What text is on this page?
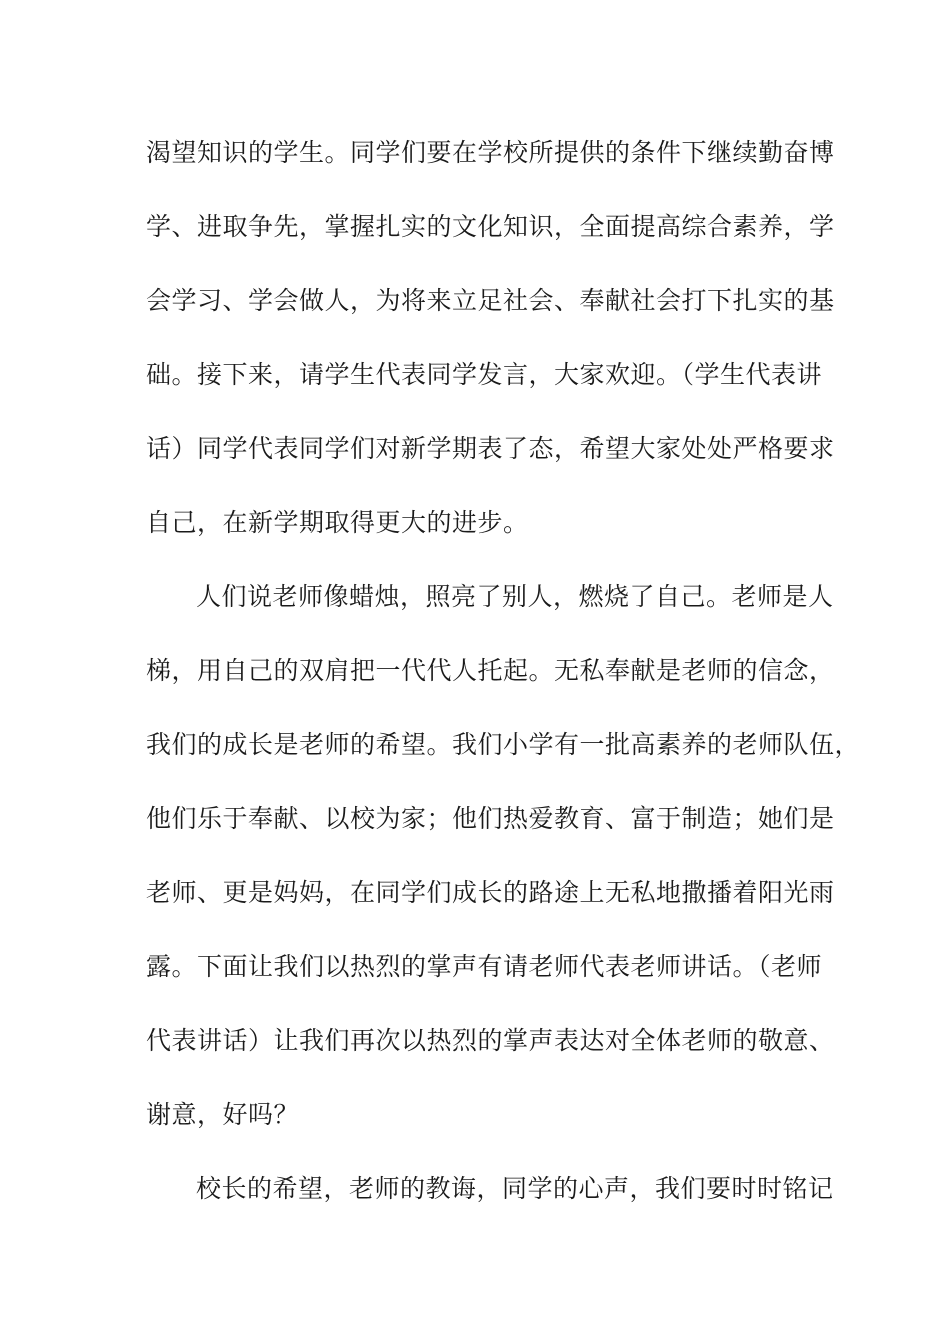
渴望知识的学生。同学们要在学校所提供的条件下继续勤奋博
学、进取争先，掌握扎实的文化知识，全面提高综合素养，学
会学习、学会做人，为将来立足社会、奉献社会打下扎实的基
础。接下来，请学生代表同学发言，大家欢迎。（学生代表讲
话）同学代表同学们对新学期表了态，希望大家处处严格要求
自己，在新学期取得更大的进步。
人们说老师像蜡烛，照亮了别人，燃烧了自己。老师是人
梯，用自己的双肩把一代代人托起。无私奉献是老师的信念，
我们的成长是老师的希望。我们小学有一批高素养的老师队伍，
他们乐于奉献、以校为家；他们热爱教育、富于制造；她们是
老师、更是妈妈，在同学们成长的路途上无私地撒播着阳光雨
露。下面让我们以热烈的掌声有请老师代表老师讲话。（老师
代表讲话）让我们再次以热烈的掌声表达对全体老师的敬意、
谢意，好吗？
校长的希望，老师的教诲，同学的心声，我们要时时铭记
